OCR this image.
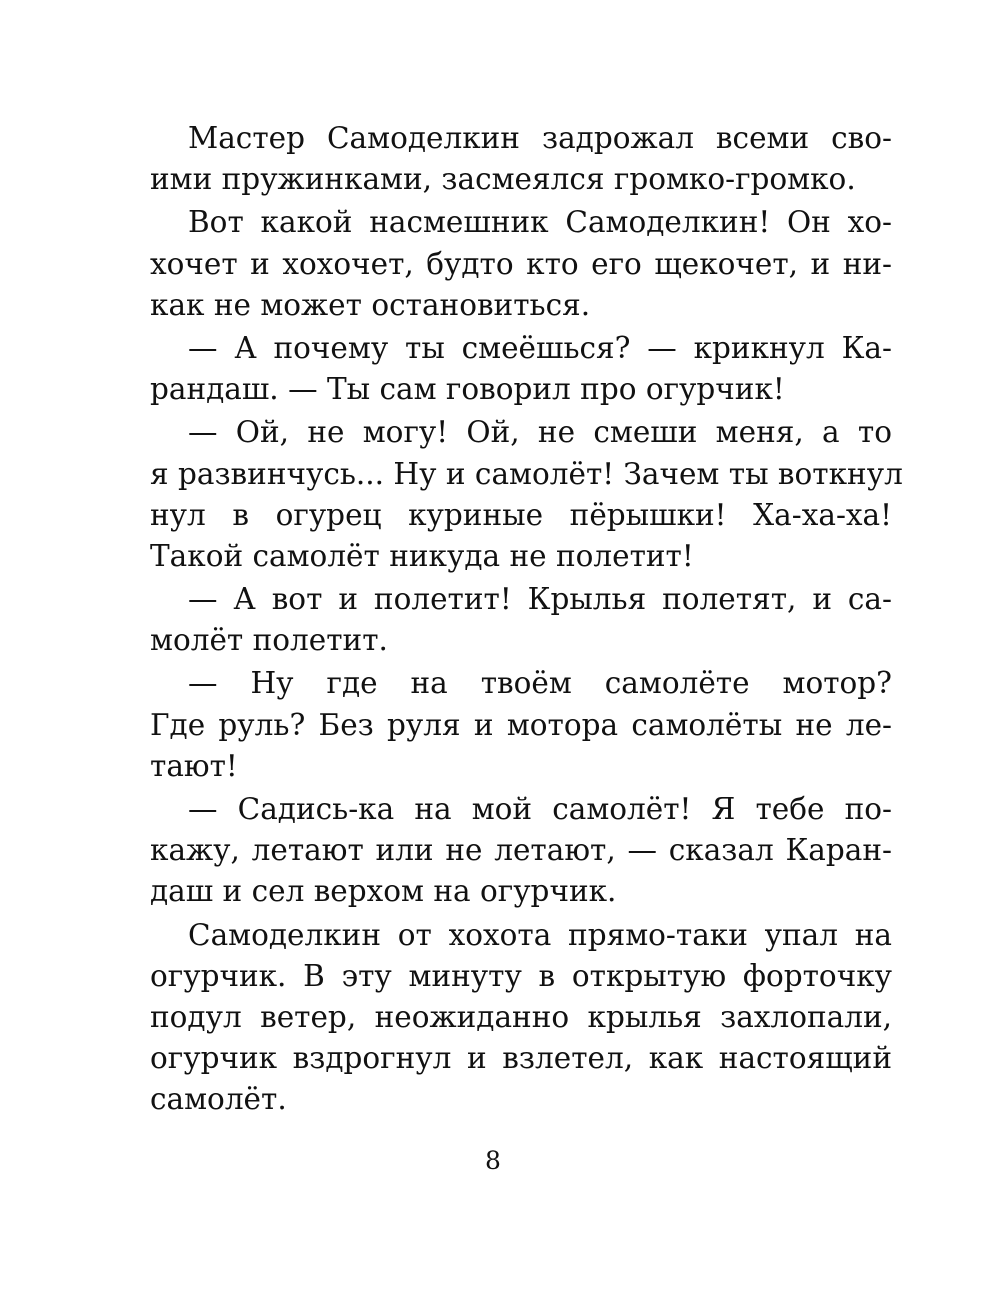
Мастер Самоделкин задрожал всеми сво-
ими пружинками, засмеялся громко-громко.
Вот какой насмешник Самоделкин! Он хо-
хочет и хохочет, будто кто его щекочет, и ни-
как не может остановиться.
— А почему ты смеёшься? — крикнул Ка-
рандаш. — Ты сам говорил про огурчик!
— Ой, не могу! Ой, не смеши меня, а то
я развинчусь... Ну и самолёт! Зачем ты воткнул
нул в огурец куриные пёрышки! Ха-ха-ха!
Такой самолёт никуда не полетит!
— А вот и полетит! Крылья полетят, и са-
молёт полетит.
— Ну где на твоём самолёте мотор?
Где руль? Без руля и мотора самолёты не ле-
тают!
— Садись-ка на мой самолёт! Я тебе по-
кажу, летают или не летают, — сказал Каран-
даш и сел верхом на огурчик.
Самоделкин от хохота прямо-таки упал на
огурчик. В эту минуту в открытую форточку
подул ветер, неожиданно крылья захлопали,
огурчик вздрогнул и взлетел, как настоящий
самолёт.
8
